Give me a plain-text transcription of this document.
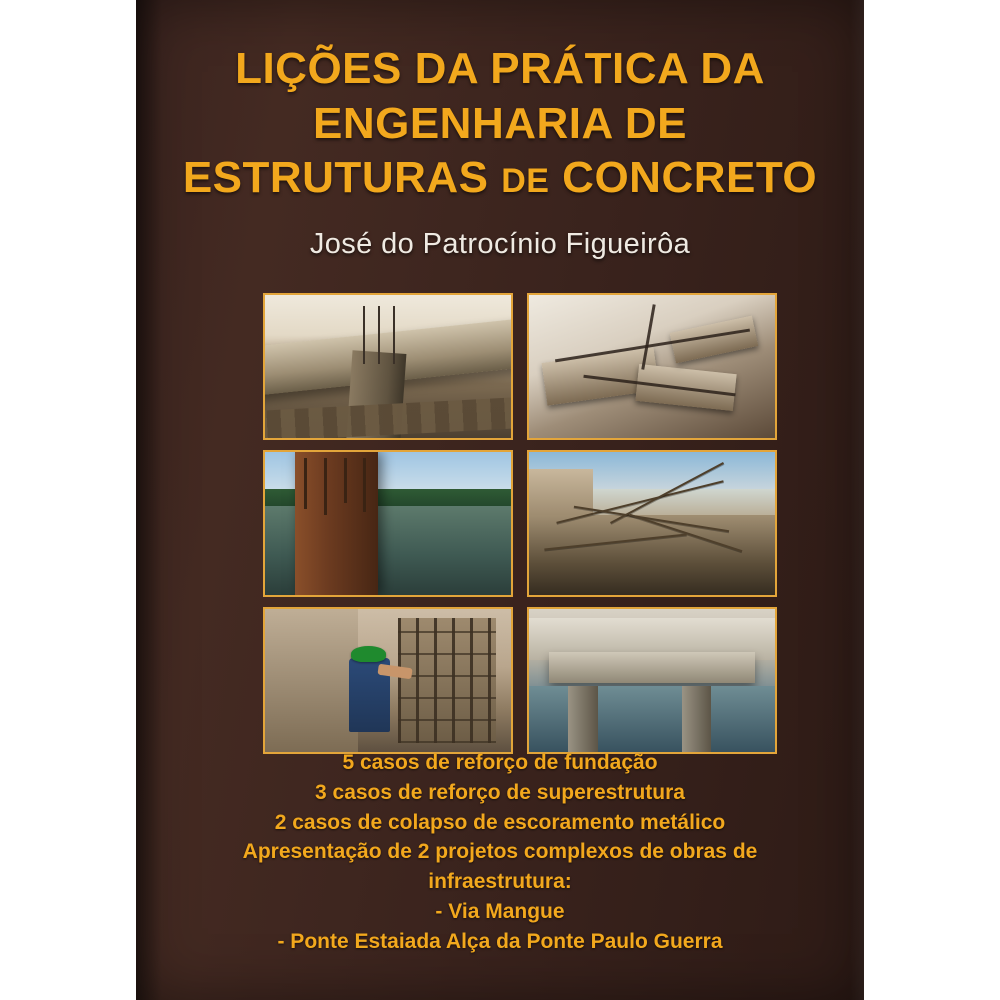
LIÇÕES DA PRÁTICA DA
ENGENHARIA DE
ESTRUTURAS DE CONCRETO
José do Patrocínio Figueirôa
5 casos de reforço de fundação
3 casos de reforço de superestrutura
2 casos de colapso de escoramento metálico
Apresentação de 2 projetos complexos de obras de
infraestrutura:
- Via Mangue
- Ponte Estaiada Alça da Ponte Paulo Guerra
